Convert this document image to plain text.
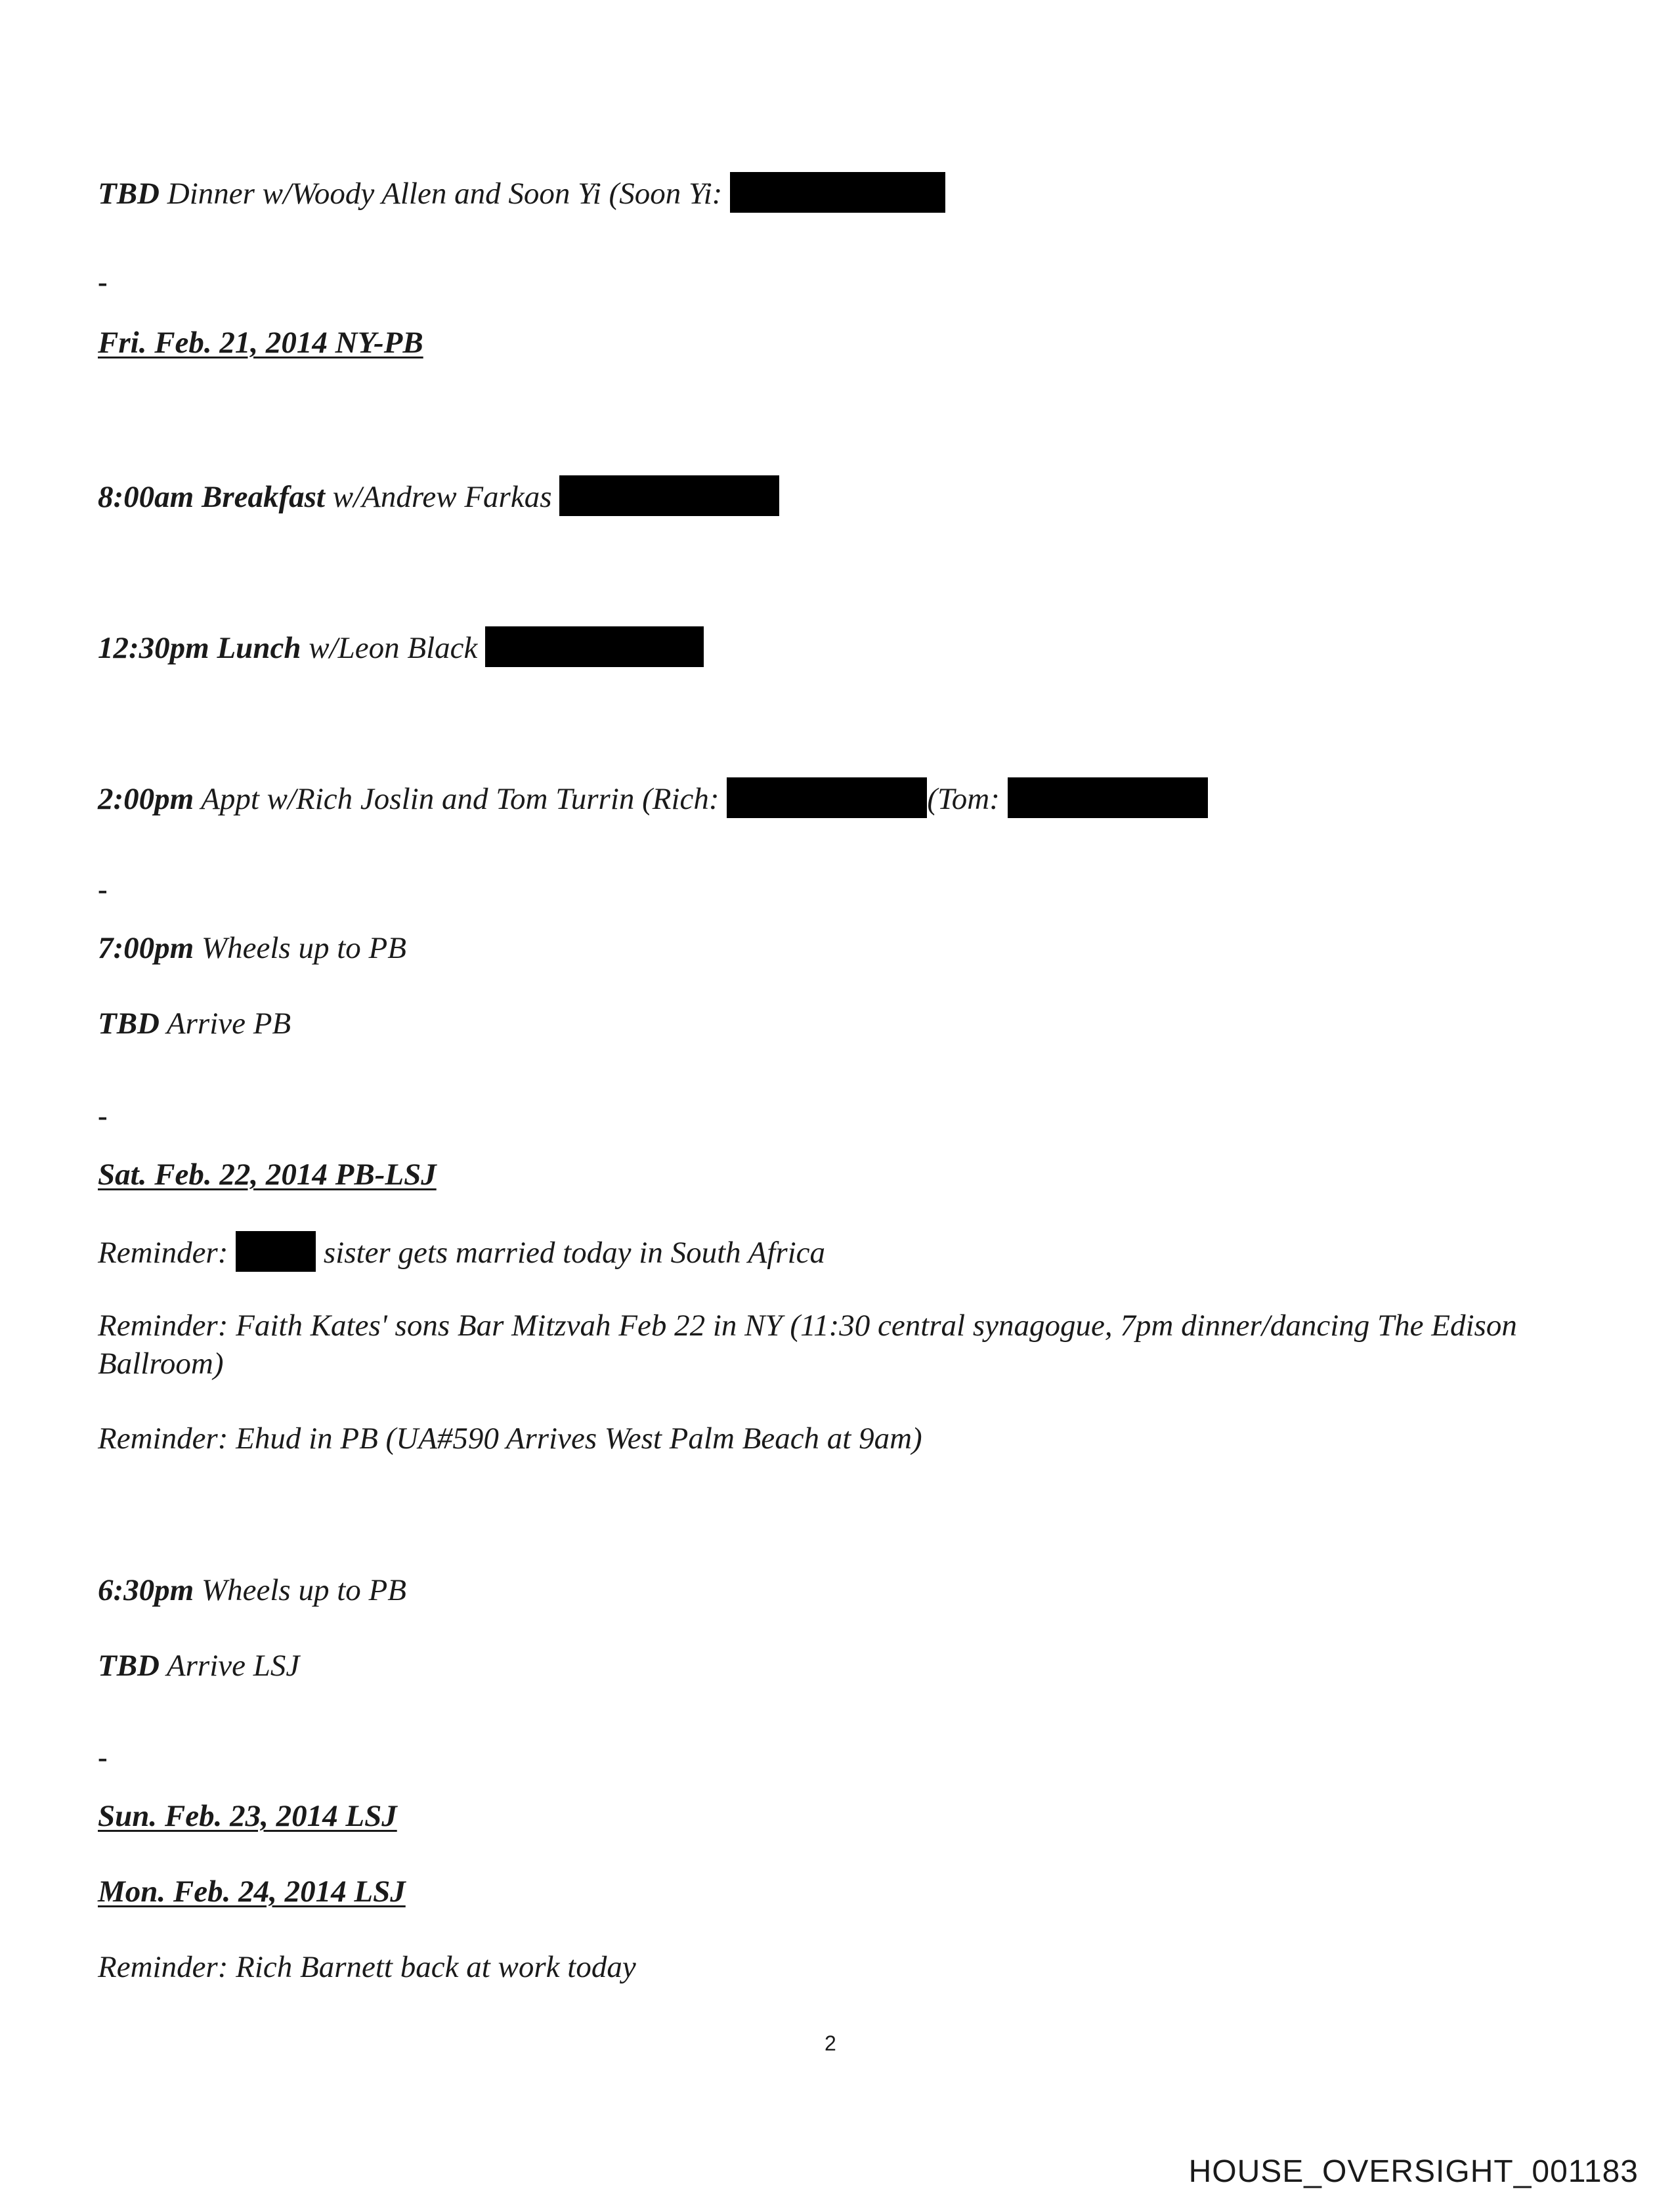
TBD Dinner w/Woody Allen and Soon Yi (Soon Yi:
-
Fri. Feb. 21, 2014 NY-PB
8:00am Breakfast w/Andrew Farkas
12:30pm Lunch w/Leon Black
2:00pm Appt w/Rich Joslin and Tom Turrin (Rich:	(Tom:
-
7:00pm Wheels up to PB
TBD Arrive PB
-
Sat. Feb. 22, 2014 PB-LSJ
Reminder:	sister gets married today in South Africa
Reminder: Faith Kates' sons Bar Mitzvah Feb 22 in NY (11:30 central synagogue, 7pm dinner/dancing The Edison Ballroom)
Reminder: Ehud in PB (UA#590 Arrives West Palm Beach at 9am)
6:30pm Wheels up to PB
TBD Arrive LSJ
-
Sun. Feb. 23, 2014 LSJ
Mon. Feb. 24, 2014 LSJ
Reminder: Rich Barnett back at work today
2
HOUSE_OVERSIGHT_001183
